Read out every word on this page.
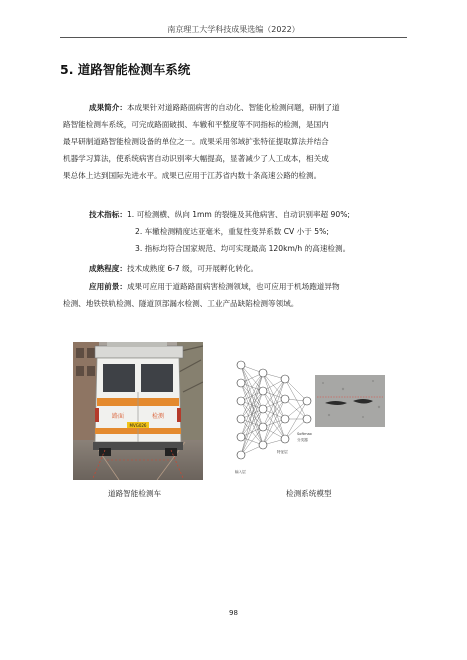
南京理工大学科技成果选编（2022）
5. 道路智能检测车系统
成果简介：本成果针对道路路面病害的自动化、智能化检测问题，研制了道
路智能检测车系统，可完成路面破损、车辙和平整度等不同指标的检测，是国内
最早研制道路智能检测设备的单位之一。成果采用邻域扩张特征提取算法并结合
机器学习算法，使系统病害自动识别率大幅提高，显著减少了人工成本，相关成
果总体上达到国际先进水平。成果已应用于江苏省内数十条高速公路的检测。
技术指标：1. 可检测横、纵向 1mm 的裂缝及其他病害、自动识别率超 90%;
2. 车辙检测精度达亚毫米，重复性变异系数 CV 小于 5%;
3. 指标均符合国家规范、均可实现最高 120km/h 的高速检测。
成熟程度：技术成熟度 6-7 级，可开展孵化转化。
应用前景：成果可应用于道路路面病害检测领域，也可应用于机场跑道异物
检测、地铁铁轨检测、隧道顶部漏水检测、工业产品缺陷检测等领域。
路面	检测
MVG026
Softmax
分类器
特征层
输入层
道路智能检测车	检测系统模型
98
